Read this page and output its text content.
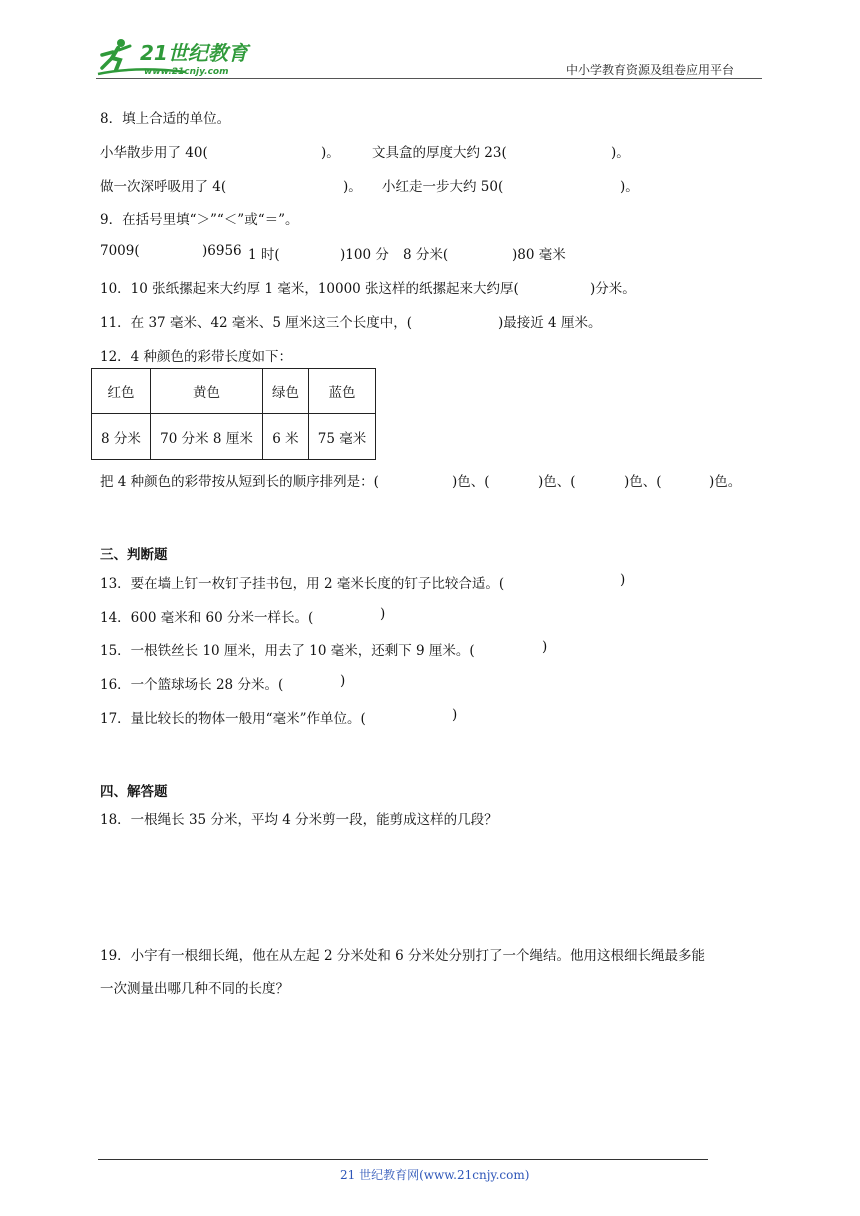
21世纪教育
www.21cnjy.com	中小学教育资源及组卷应用平台
8．填上合适的单位。
小华散步用了 40(	)。 文具盒的厚度大约 23(	)。
做一次深呼吸用了 4(	)。 小红走一步大约 50(	)。
9．在括号里填“＞”“＜”或“＝”。
7009(	)6956 1 时(	)100 分 8 分米(	)80 毫米
10．10 张纸摞起来大约厚 1 毫米，10000 张这样的纸摞起来大约厚(	)分米。
11．在 37 毫米、42 毫米、5 厘米这三个长度中，(	)最接近 4 厘米。
12．4 种颜色的彩带长度如下：
红色	黄色	绿色	蓝色
8 分米	70 分米 8 厘米	6 米	75 毫米
把 4 种颜色的彩带按从短到长的顺序排列是：(	)色、(	)色、(	)色、(	)色。
三、判断题
13．要在墙上钉一枚钉子挂书包，用 2 毫米长度的钉子比较合适。(	)
14．600 毫米和 60 分米一样长。(	)
15．一根铁丝长 10 厘米，用去了 10 毫米，还剩下 9 厘米。(	)
16．一个篮球场长 28 分米。(	)
17．量比较长的物体一般用“毫米”作单位。(	)
四、解答题
18．一根绳长 35 分米，平均 4 分米剪一段，能剪成这样的几段？
19．小宇有一根细长绳，他在从左起 2 分米处和 6 分米处分别打了一个绳结。他用这根细长绳最多能
一次测量出哪几种不同的长度？
21 世纪教育网(www.21cnjy.com)
